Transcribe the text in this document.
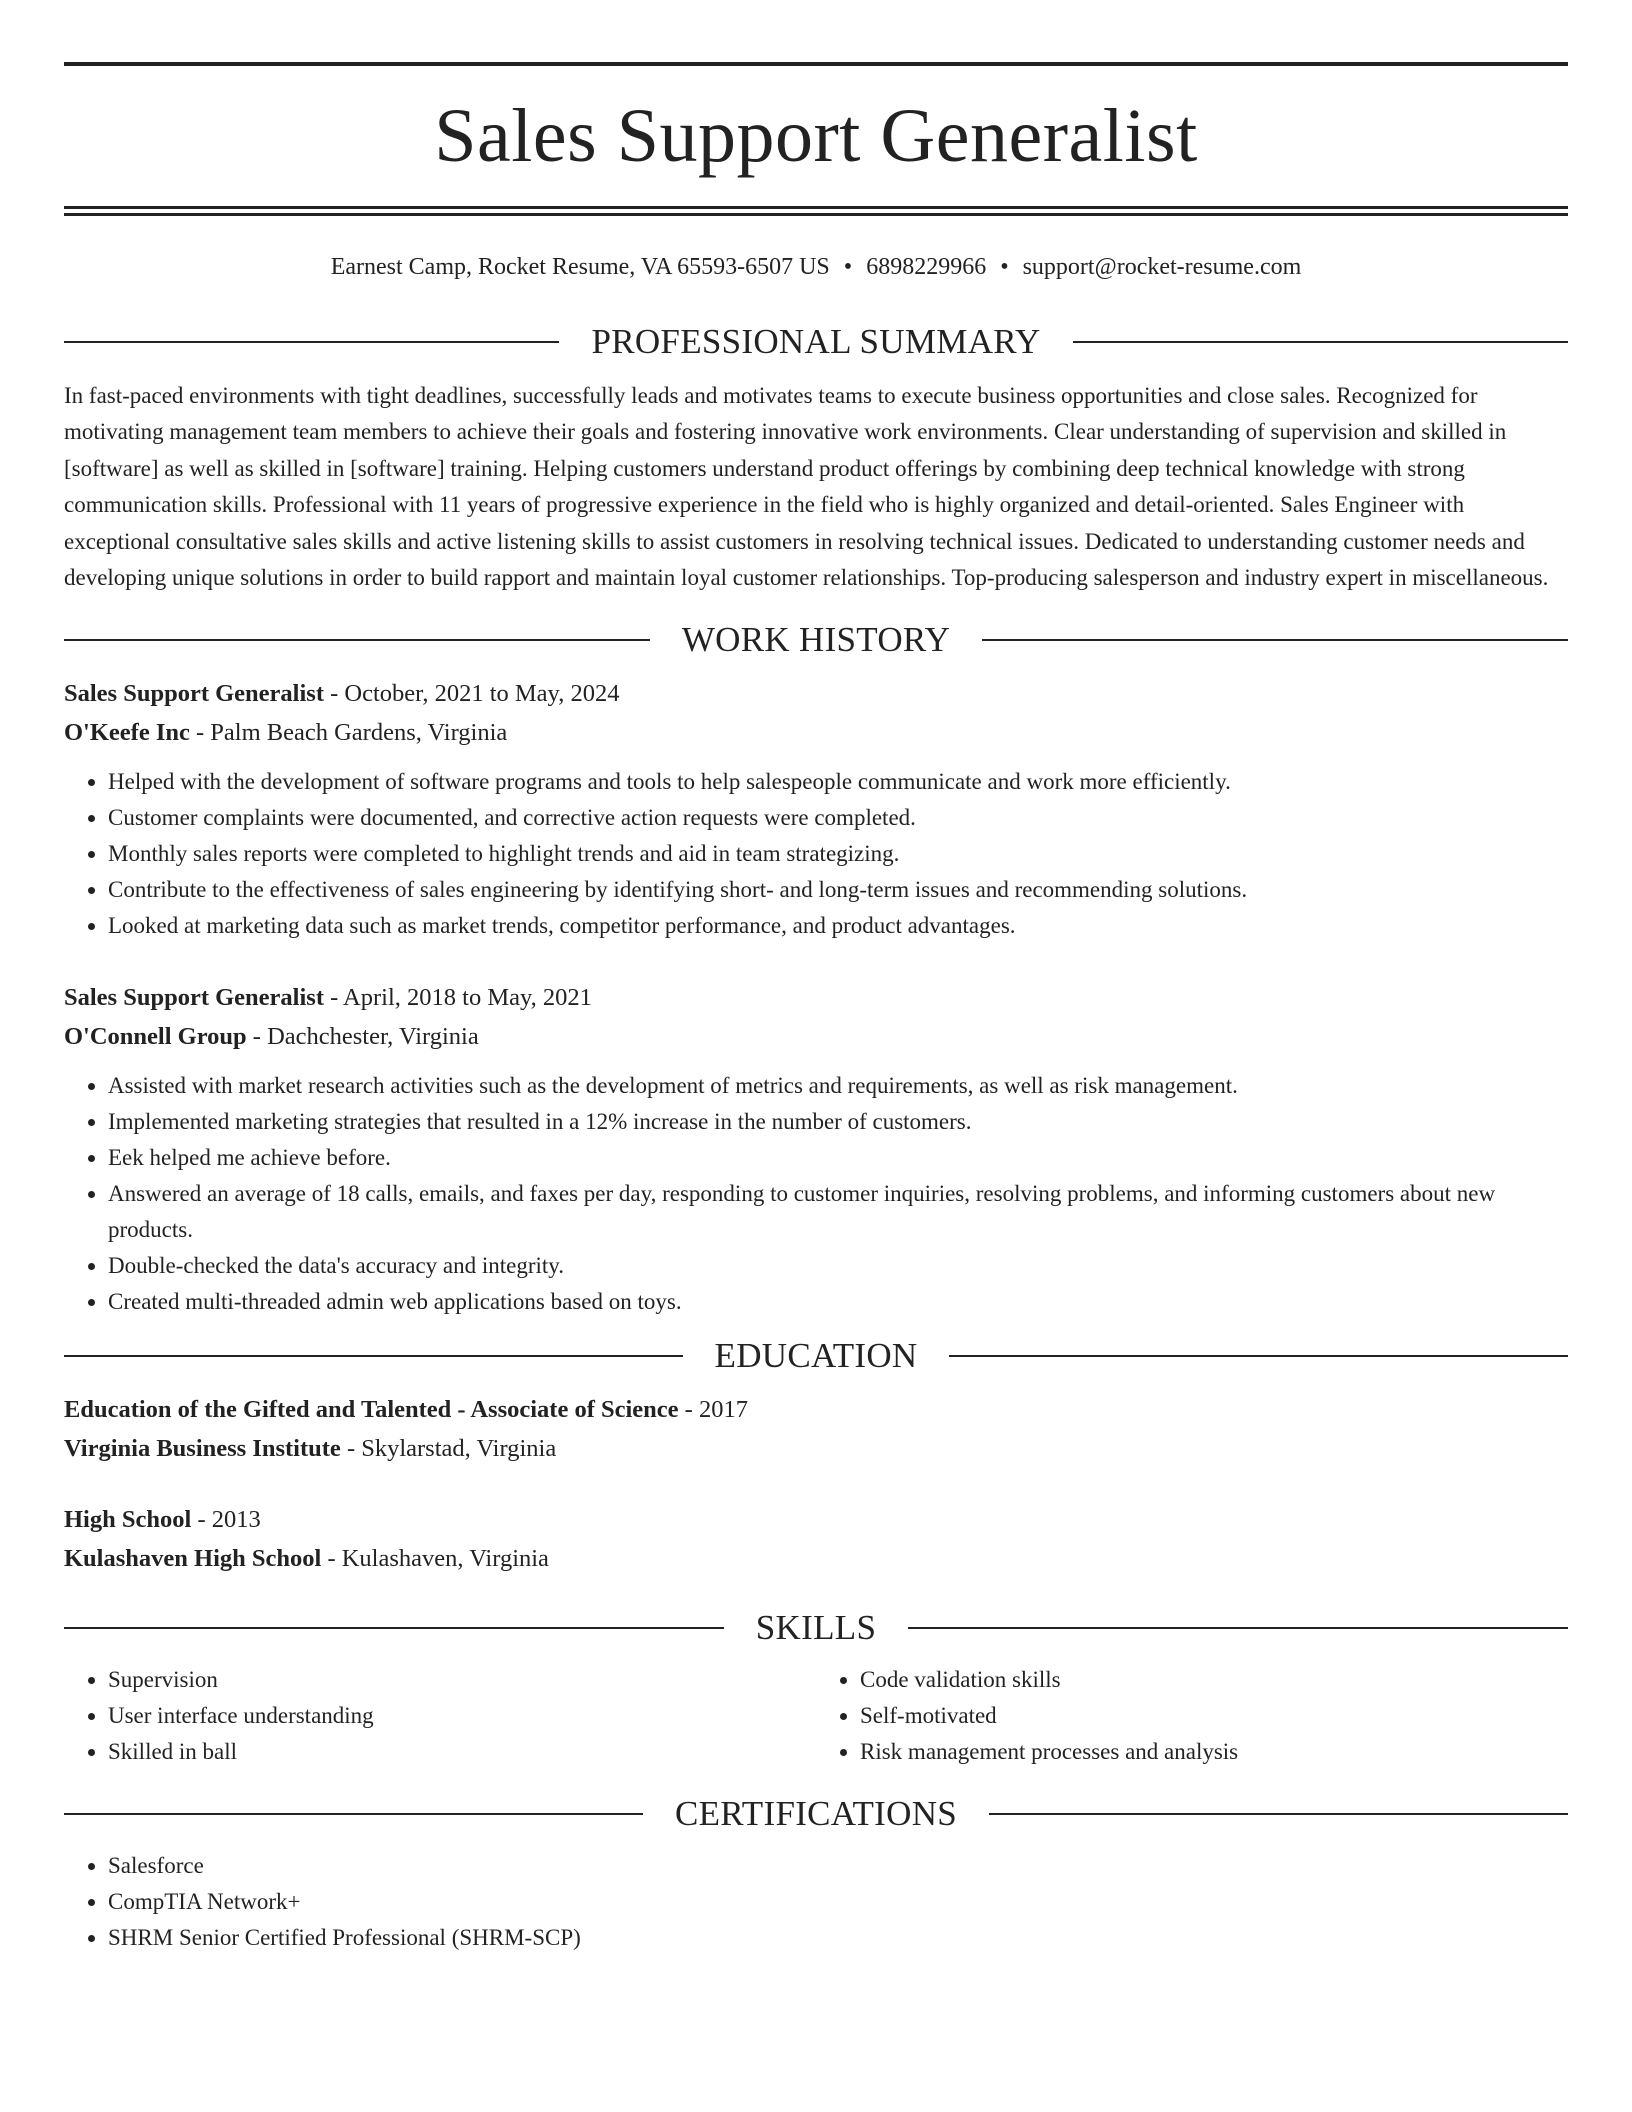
Sales Support Generalist
Earnest Camp, Rocket Resume, VA 65593-6507 US • 6898229966 • support@rocket-resume.com
PROFESSIONAL SUMMARY
In fast-paced environments with tight deadlines, successfully leads and motivates teams to execute business opportunities and close sales. Recognized for motivating management team members to achieve their goals and fostering innovative work environments. Clear understanding of supervision and skilled in [software] as well as skilled in [software] training. Helping customers understand product offerings by combining deep technical knowledge with strong communication skills. Professional with 11 years of progressive experience in the field who is highly organized and detail-oriented. Sales Engineer with exceptional consultative sales skills and active listening skills to assist customers in resolving technical issues. Dedicated to understanding customer needs and developing unique solutions in order to build rapport and maintain loyal customer relationships. Top-producing salesperson and industry expert in miscellaneous.
WORK HISTORY
Sales Support Generalist - October, 2021 to May, 2024
O'Keefe Inc - Palm Beach Gardens, Virginia
• Helped with the development of software programs and tools to help salespeople communicate and work more efficiently.
• Customer complaints were documented, and corrective action requests were completed.
• Monthly sales reports were completed to highlight trends and aid in team strategizing.
• Contribute to the effectiveness of sales engineering by identifying short- and long-term issues and recommending solutions.
• Looked at marketing data such as market trends, competitor performance, and product advantages.
Sales Support Generalist - April, 2018 to May, 2021
O'Connell Group - Dachchester, Virginia
• Assisted with market research activities such as the development of metrics and requirements, as well as risk management.
• Implemented marketing strategies that resulted in a 12% increase in the number of customers.
• Eek helped me achieve before.
• Answered an average of 18 calls, emails, and faxes per day, responding to customer inquiries, resolving problems, and informing customers about new products.
• Double-checked the data's accuracy and integrity.
• Created multi-threaded admin web applications based on toys.
EDUCATION
Education of the Gifted and Talented - Associate of Science - 2017
Virginia Business Institute - Skylarstad, Virginia
High School - 2013
Kulashaven High School - Kulashaven, Virginia
SKILLS
• Supervision
• User interface understanding
• Skilled in ball
• Code validation skills
• Self-motivated
• Risk management processes and analysis
CERTIFICATIONS
• Salesforce
• CompTIA Network+
• SHRM Senior Certified Professional (SHRM-SCP)
